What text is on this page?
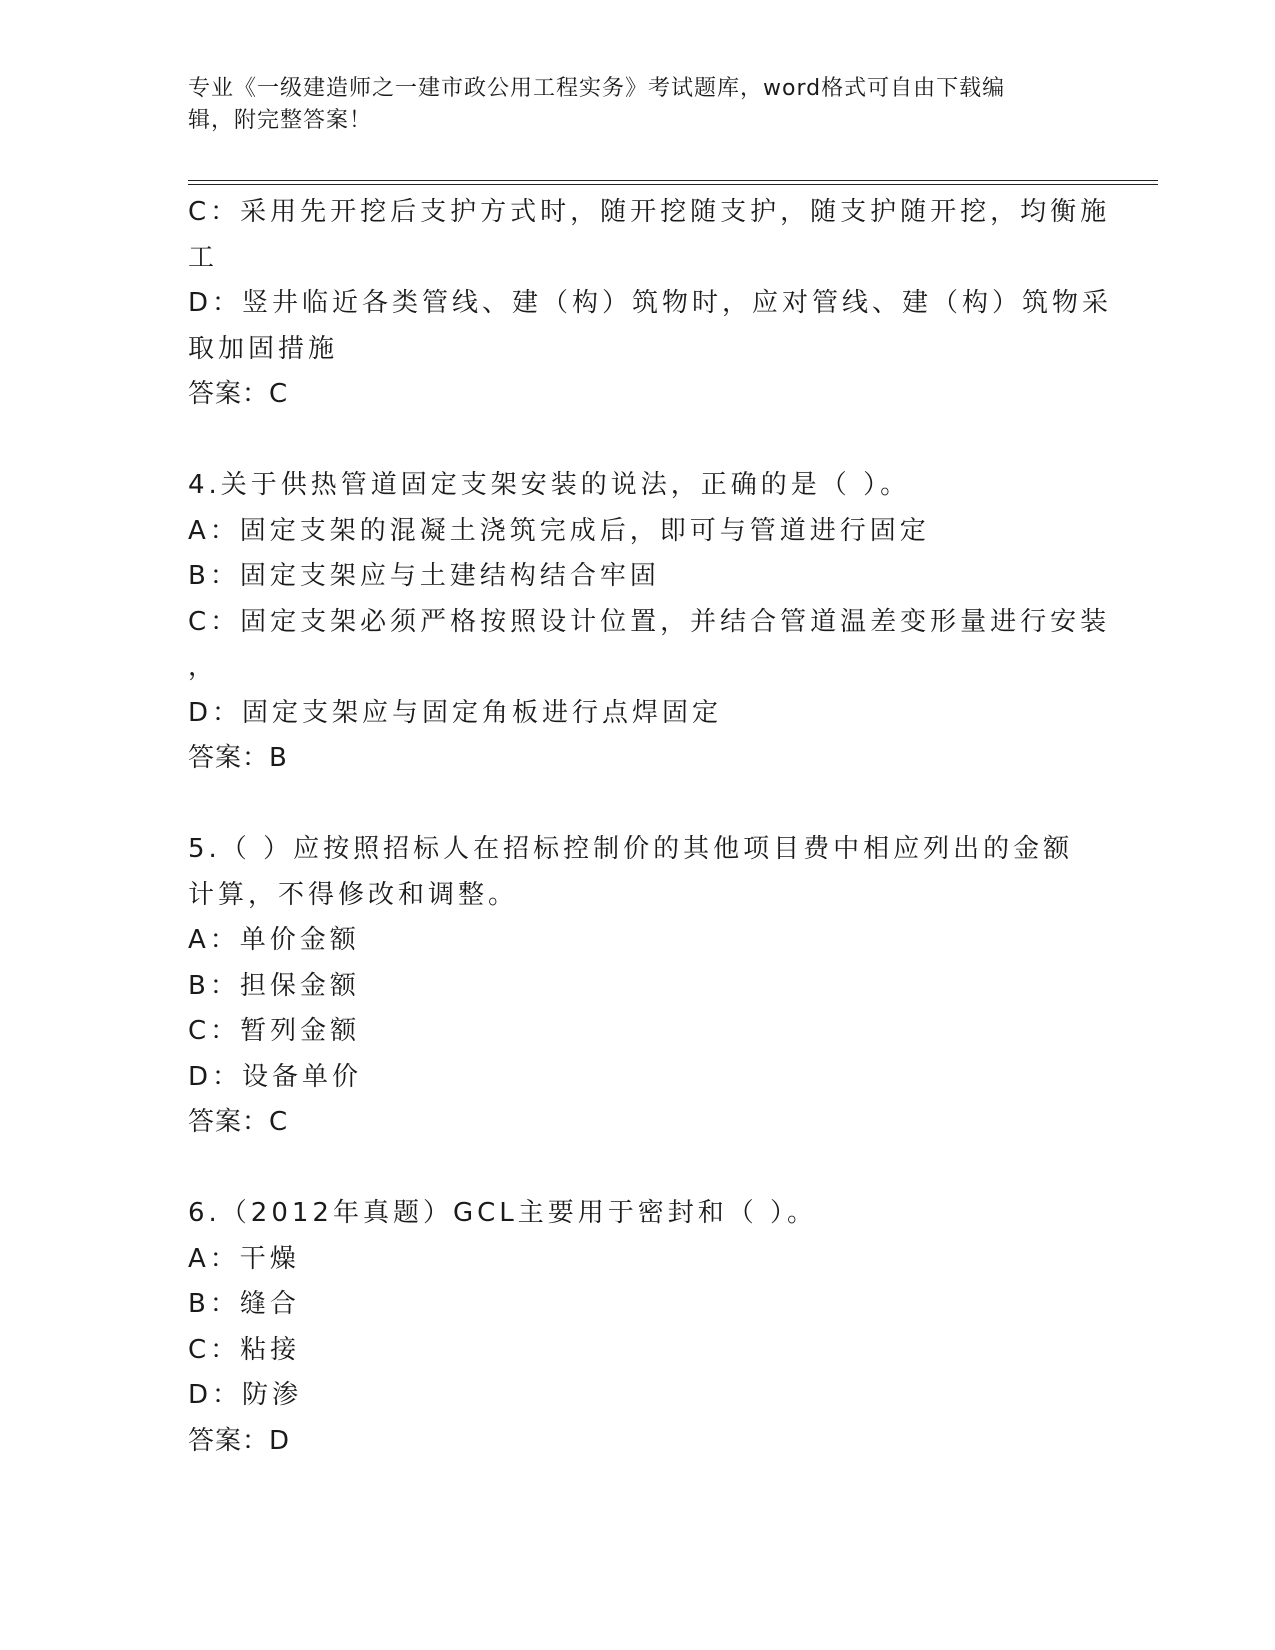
专业《一级建造师之一建市政公用工程实务》考试题库，word格式可自由下载编
辑，附完整答案！
C：采用先开挖后支护方式时，随开挖随支护，随支护随开挖，均衡施
工
D：竖井临近各类管线、建（构）筑物时，应对管线、建（构）筑物采
取加固措施
答案：C
4.关于供热管道固定支架安装的说法，正确的是（ ）。
A：固定支架的混凝土浇筑完成后，即可与管道进行固定
B：固定支架应与土建结构结合牢固
C：固定支架必须严格按照设计位置，并结合管道温差变形量进行安装
，
D：固定支架应与固定角板进行点焊固定
答案：B
5.（ ）应按照招标人在招标控制价的其他项目费中相应列出的金额
计算，不得修改和调整。
A：单价金额
B：担保金额
C：暂列金额
D：设备单价
答案：C
6.（2012年真题）GCL主要用于密封和（ ）。
A：干燥
B：缝合
C：粘接
D：防渗
答案：D
